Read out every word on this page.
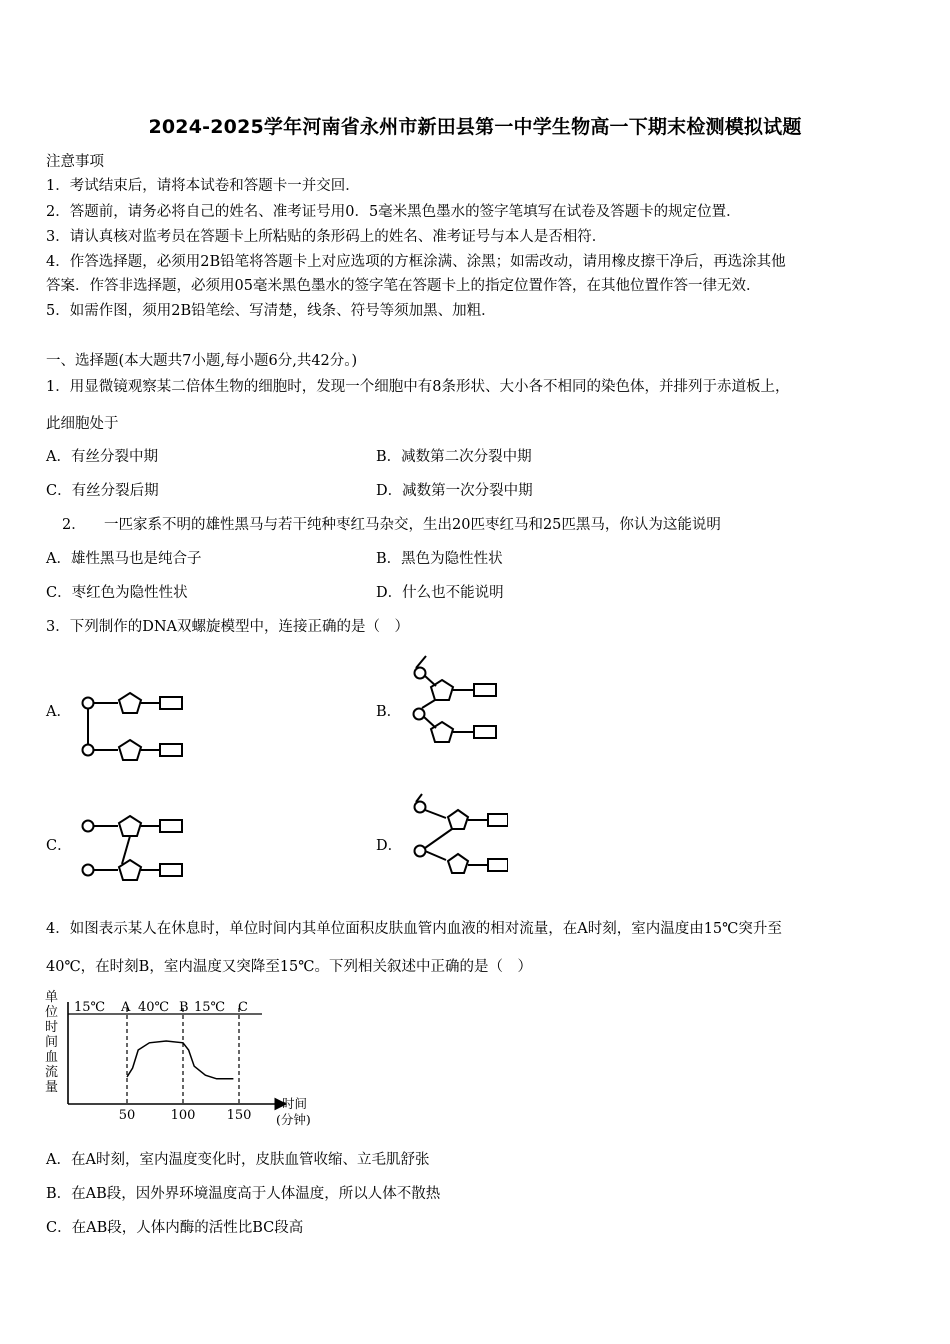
2024-2025学年河南省永州市新田县第一中学生物高一下期末检测模拟试题
注意事项
1．考试结束后，请将本试卷和答题卡一并交回．
2．答题前，请务必将自己的姓名、准考证号用0．5毫米黑色墨水的签字笔填写在试卷及答题卡的规定位置．
3．请认真核对监考员在答题卡上所粘贴的条形码上的姓名、准考证号与本人是否相符．
4．作答选择题，必须用2B铅笔将答题卡上对应选项的方框涂满、涂黑；如需改动，请用橡皮擦干净后，再选涂其他
答案．作答非选择题，必须用05毫米黑色墨水的签字笔在答题卡上的指定位置作答，在其他位置作答一律无效．
5．如需作图，须用2B铅笔绘、写清楚，线条、符号等须加黑、加粗．
一、选择题(本大题共7小题,每小题6分,共42分。)
1．用显微镜观察某二倍体生物的细胞时，发现一个细胞中有8条形状、大小各不相同的染色体，并排列于赤道板上，
此细胞处于
A．有丝分裂中期	B．减数第二次分裂中期
C．有丝分裂后期	D．减数第一次分裂中期
2． 一匹家系不明的雄性黑马与若干纯种枣红马杂交，生出20匹枣红马和25匹黑马，你认为这能说明
A．雄性黑马也是纯合子	B．黑色为隐性性状
C．枣红色为隐性性状	D．什么也不能说明
3．下列制作的DNA双螺旋模型中，连接正确的是（　）
A．	B．
C．	D．
4．如图表示某人在休息时，单位时间内其单位面积皮肤血管内血液的相对流量，在A时刻，室内温度由15℃突升至
40℃，在时刻B，室内温度又突降至15℃。下列相关叙述中正确的是（　）
单
位
时
间
血
流
量
15℃ A 40℃ B 15℃ C
50	100 150
时间
(分钟)
A．在A时刻，室内温度变化时，皮肤血管收缩、立毛肌舒张
B．在AB段，因外界环境温度高于人体温度，所以人体不散热
C．在AB段，人体内酶的活性比BC段高
